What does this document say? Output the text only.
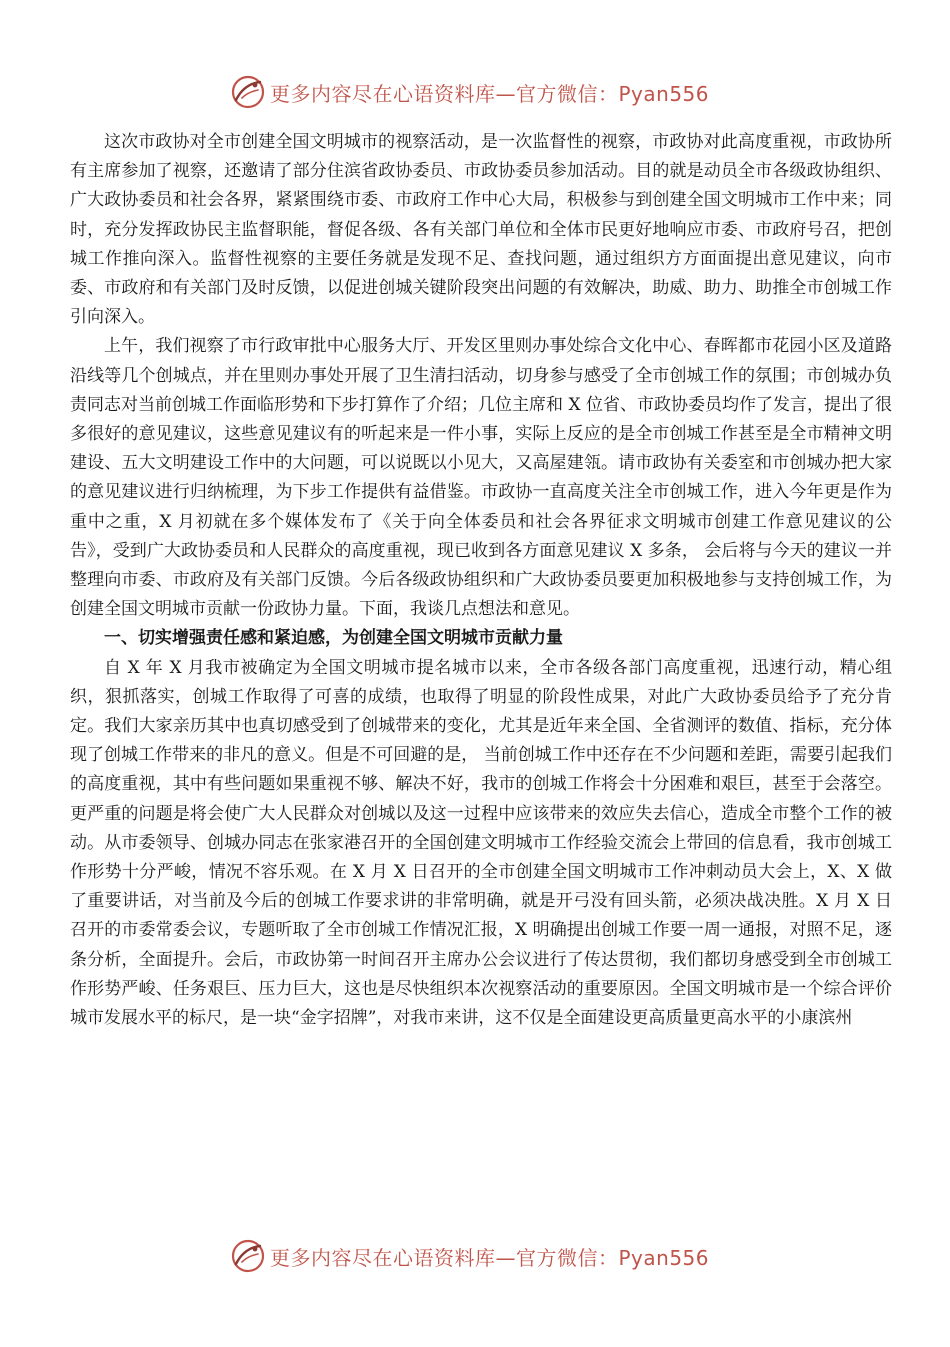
更多内容尽在心语资料库—官方微信：Pyan556

这次市政协对全市创建全国文明城市的视察活动，是一次监督性的视察，市政协对此高度重视，市政协所有主席参加了视察，还邀请了部分住滨省政协委员、市政协委员参加活动。目的就是动员全市各级政协组织、广大政协委员和社会各界，紧紧围绕市委、市政府工作中心大局，积极参与到创建全国文明城市工作中来；同时，充分发挥政协民主监督职能，督促各级、各有关部门单位和全体市民更好地响应市委、市政府号召，把创城工作推向深入。监督性视察的主要任务就是发现不足、查找问题，通过组织方方面面提出意见建议，向市委、市政府和有关部门及时反馈，以促进创城关键阶段突出问题的有效解决，助威、助力、助推全市创城工作引向深入。

上午，我们视察了市行政审批中心服务大厅、开发区里则办事处综合文化中心、春晖都市花园小区及道路沿线等几个创城点，并在里则办事处开展了卫生清扫活动，切身参与感受了全市创城工作的氛围；市创城办负责同志对当前创城工作面临形势和下步打算作了介绍；几位主席和 X 位省、市政协委员均作了发言，提出了很多很好的意见建议，这些意见建议有的听起来是一件小事，实际上反应的是全市创城工作甚至是全市精神文明建设、五大文明建设工作中的大问题，可以说既以小见大，又高屋建瓴。请市政协有关委室和市创城办把大家的意见建议进行归纳梳理，为下步工作提供有益借鉴。市政协一直高度关注全市创城工作，进入今年更是作为重中之重，X 月初就在多个媒体发布了《关于向全体委员和社会各界征求文明城市创建工作意见建议的公告》，受到广大政协委员和人民群众的高度重视，现已收到各方面意见建议 X 多条， 会后将与今天的建议一并整理向市委、市政府及有关部门反馈。今后各级政协组织和广大政协委员要更加积极地参与支持创城工作，为创建全国文明城市贡献一份政协力量。下面，我谈几点想法和意见。

一、切实增强责任感和紧迫感，为创建全国文明城市贡献力量

自 X 年 X 月我市被确定为全国文明城市提名城市以来，全市各级各部门高度重视，迅速行动，精心组织，狠抓落实，创城工作取得了可喜的成绩，也取得了明显的阶段性成果，对此广大政协委员给予了充分肯定。我们大家亲历其中也真切感受到了创城带来的变化，尤其是近年来全国、全省测评的数值、指标，充分体现了创城工作带来的非凡的意义。但是不可回避的是， 当前创城工作中还存在不少问题和差距，需要引起我们的高度重视，其中有些问题如果重视不够、解决不好，我市的创城工作将会十分困难和艰巨，甚至于会落空。更严重的问题是将会使广大人民群众对创城以及这一过程中应该带来的效应失去信心，造成全市整个工作的被动。从市委领导、创城办同志在张家港召开的全国创建文明城市工作经验交流会上带回的信息看，我市创城工作形势十分严峻，情况不容乐观。在 X 月 X 日召开的全市创建全国文明城市工作冲刺动员大会上，X、X 做了重要讲话，对当前及今后的创城工作要求讲的非常明确，就是开弓没有回头箭，必须决战决胜。X 月 X 日召开的市委常委会议，专题听取了全市创城工作情况汇报，X 明确提出创城工作要一周一通报，对照不足，逐条分析，全面提升。会后，市政协第一时间召开主席办公会议进行了传达贯彻，我们都切身感受到全市创城工作形势严峻、任务艰巨、压力巨大，这也是尽快组织本次视察活动的重要原因。全国文明城市是一个综合评价城市发展水平的标尺，是一块“金字招牌”，对我市来讲，这不仅是全面建设更高质量更高水平的小康滨州

更多内容尽在心语资料库—官方微信：Pyan556
